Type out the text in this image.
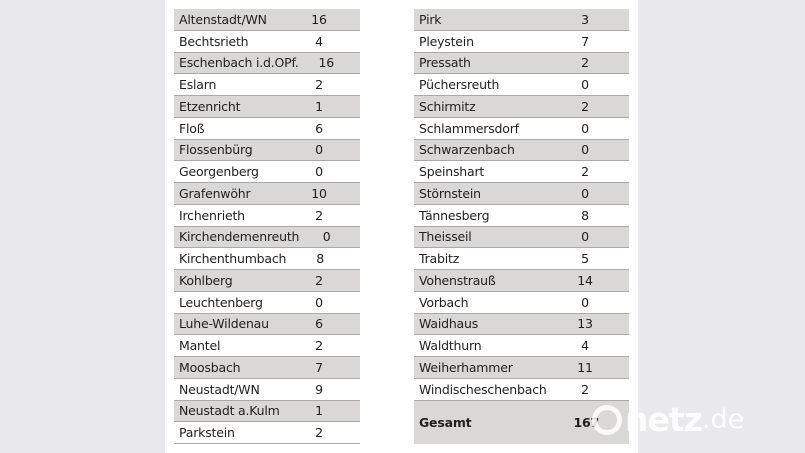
Altenstadt/WN	16
Bechtsrieth	4
Eschenbach i.d.OPf.	16
Eslarn	2
Etzenricht	1
Floß	6
Flossenbürg	0
Georgenberg	0
Grafenwöhr	10
Irchenrieth	2
Kirchendemenreuth	0
Kirchenthumbach	8
Kohlberg	2
Leuchtenberg	0
Luhe-Wildenau	6
Mantel	2
Moosbach	7
Neustadt/WN	9
Neustadt a.Kulm	1
Parkstein	2
Pirk	3
Pleystein	7
Pressath	2
Püchersreuth	0
Schirmitz	2
Schlammersdorf	0
Schwarzenbach	0
Speinshart	2
Störnstein	0
Tännesberg	8
Theisseil	0
Trabitz	5
Vohenstrauß	14
Vorbach	0
Waidhaus	13
Waldthurn	4
Weiherhammer	11
Windischeschenbach	2
Gesamt	167 netz .de
